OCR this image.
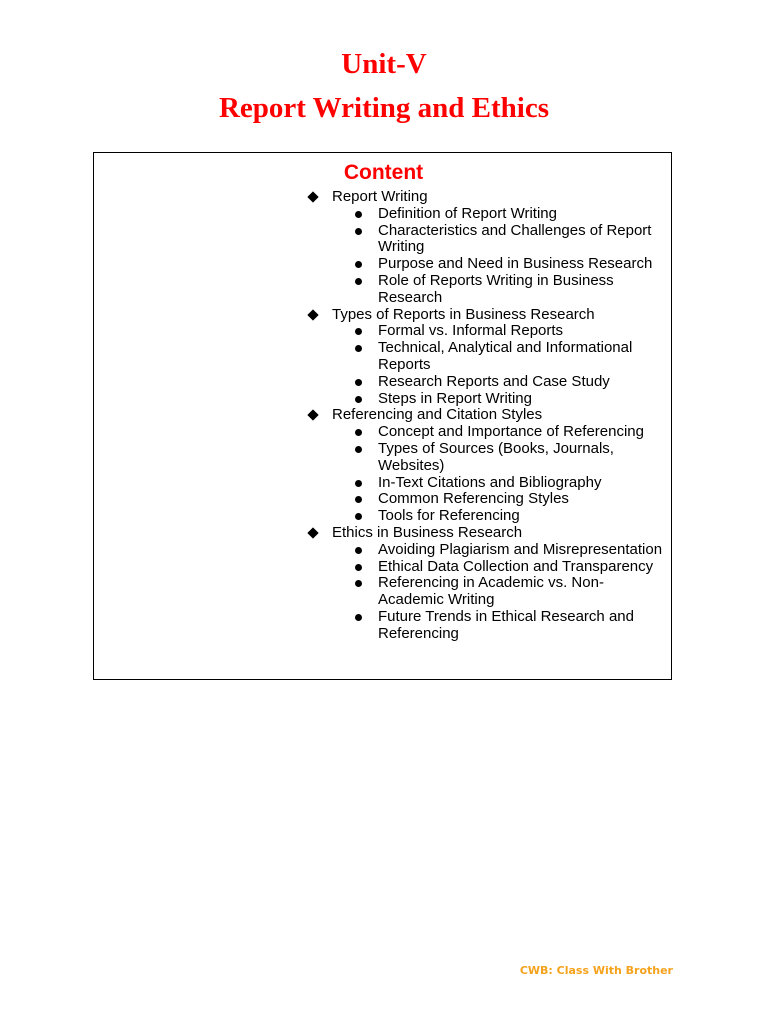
Unit-V
Report Writing and Ethics
Content
Report Writing
Definition of Report Writing
Characteristics and Challenges of Report Writing
Purpose and Need in Business Research
Role of Reports Writing in Business Research
Types of Reports in Business Research
Formal vs. Informal Reports
Technical, Analytical and Informational Reports
Research Reports and Case Study
Steps in Report Writing
Referencing and Citation Styles
Concept and Importance of Referencing
Types of Sources (Books, Journals, Websites)
In-Text Citations and Bibliography
Common Referencing Styles
Tools for Referencing
Ethics in Business Research
Avoiding Plagiarism and Misrepresentation
Ethical Data Collection and Transparency
Referencing in Academic vs. Non-Academic Writing
Future Trends in Ethical Research and Referencing
CWB: Class With Brother
